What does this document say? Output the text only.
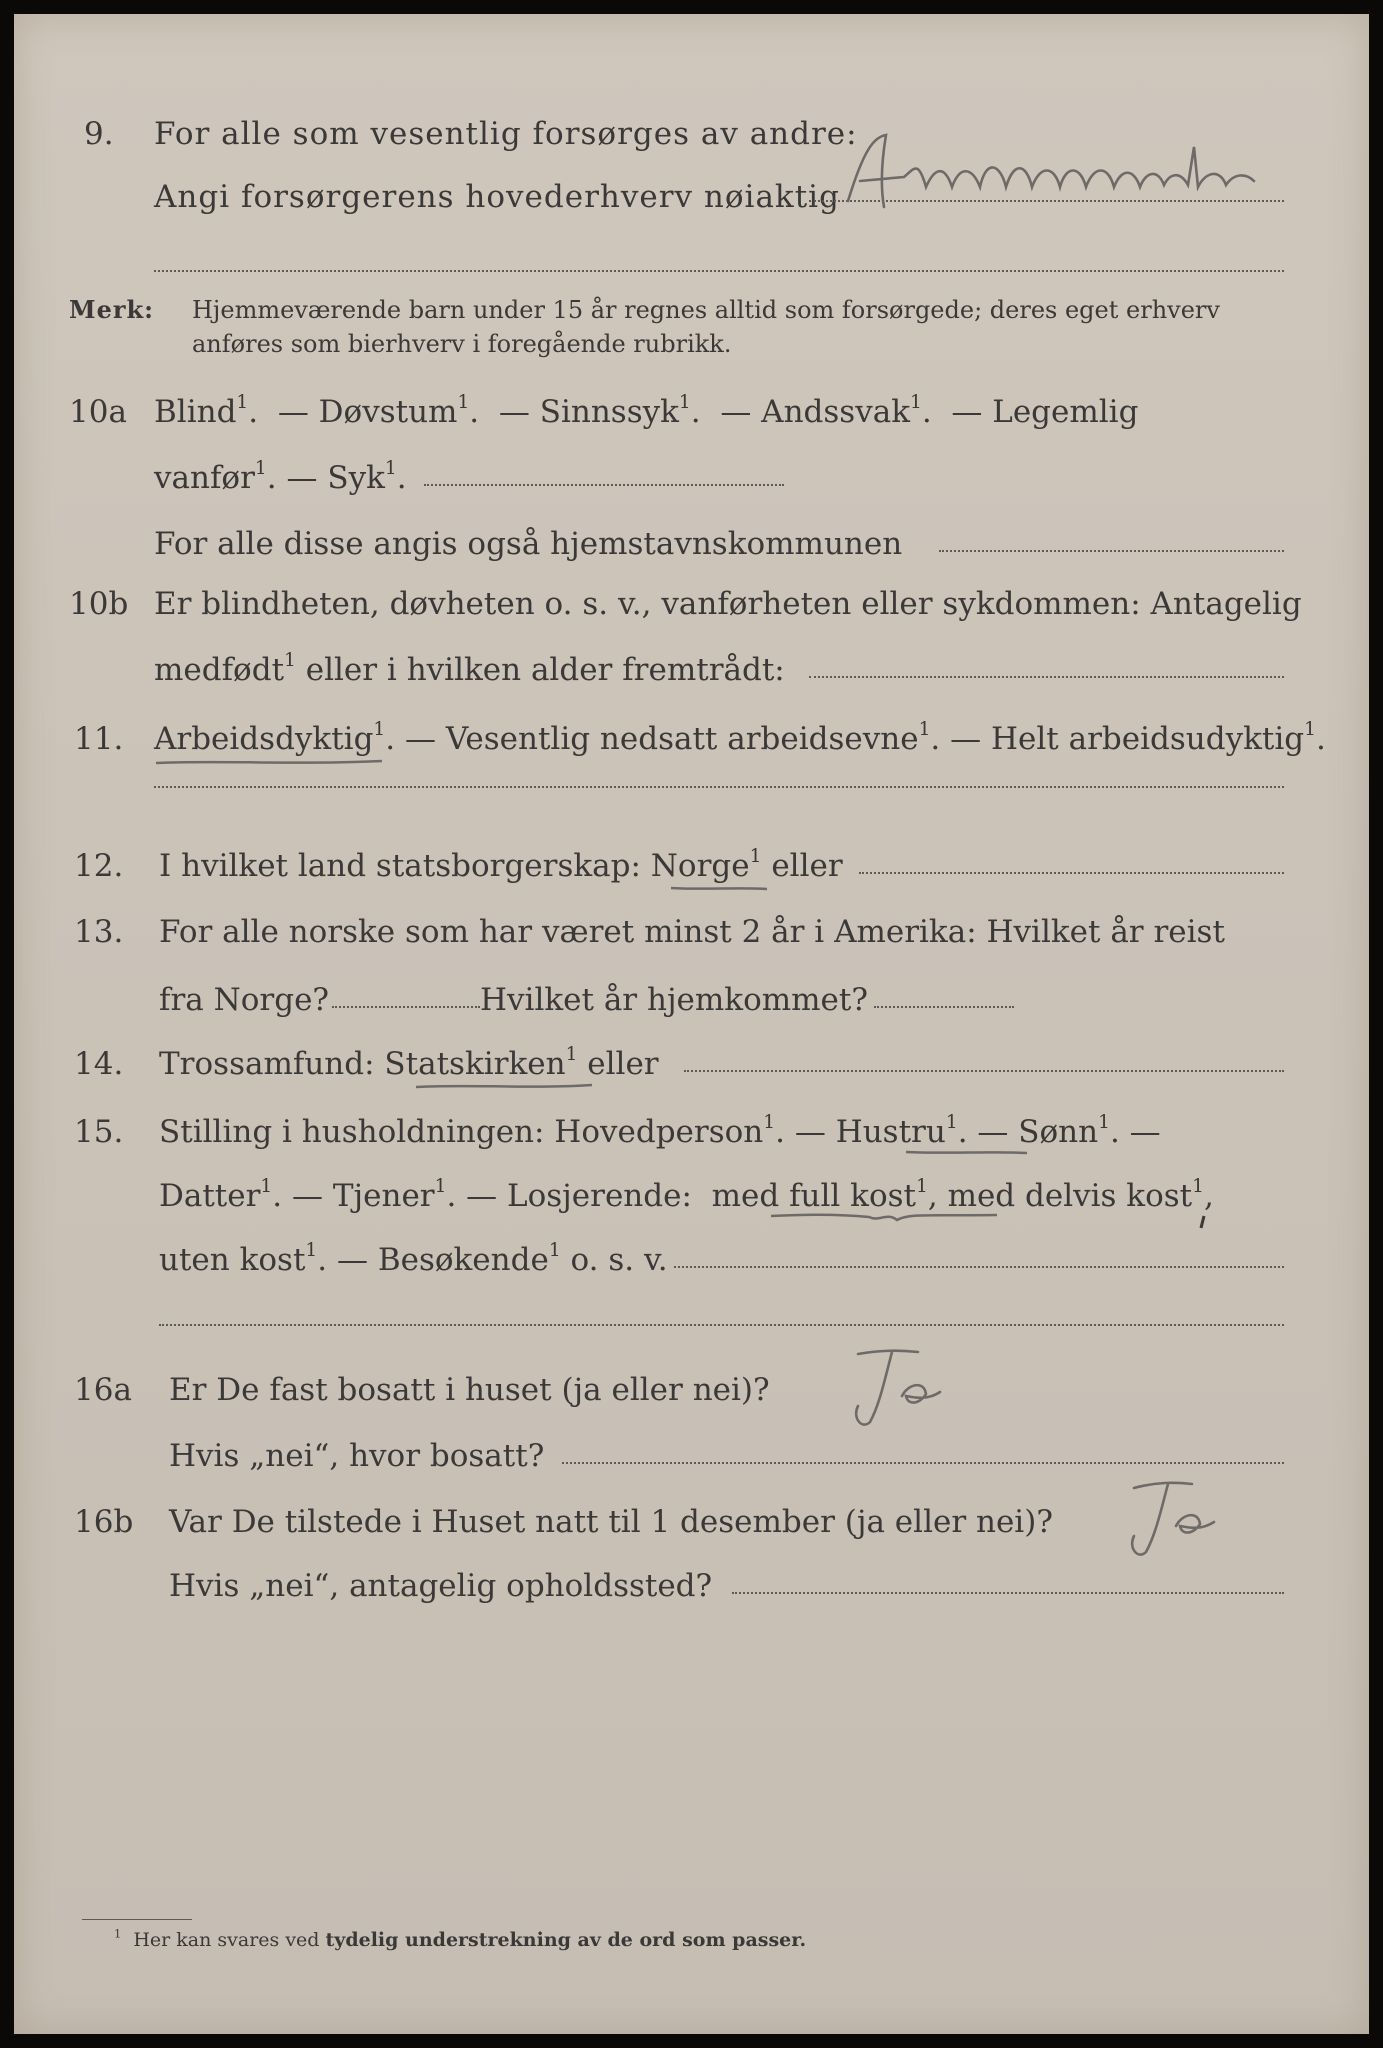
9. For alle som vesentlig forsørges av andre:
Angi forsørgerens hovederhverv nøiaktig
Merk: Hjemmeværende barn under 15 år regnes alltid som forsørgede; deres eget erhverv
anføres som bierhverv i foregående rubrikk.
10a Blind$^1$.  — Døvstum$^1$.  — Sinnssyk$^1$.  — Andssvak$^1$.  — Legemlig
vanfør$^1$. — Syk$^1$.
For alle disse angis også hjemstavnskommunen
10b Er blindheten, døvheten o. s. v., vanførheten eller sykdommen: Antagelig
medfødt$^1$ eller i hvilken alder fremtrådt:
11. Arbeidsdyktig$^1$. — Vesentlig nedsatt arbeidsevne$^1$. — Helt arbeidsudyktig$^1$.
12. I hvilket land statsborgerskap: Norge$^1$ eller
13. For alle norske som har været minst 2 år i Amerika: Hvilket år reist
fra Norge?	Hvilket år hjemkommet?
14. Trossamfund: Statskirken$^1$ eller
15. Stilling i husholdningen: Hovedperson$^1$. — Hustru$^1$. — Sønn$^1$. —
Datter$^1$. — Tjener$^1$. — Losjerende: med full kost$^1$, med delvis kost$^1$,
uten kost$^1$. — Besøkende$^1$ o. s. v.
16a Er De fast bosatt i huset (ja eller nei)?
Hvis „nei“, hvor bosatt?
16b Var De tilstede i Huset natt til 1 desember (ja eller nei)?
Hvis „nei“, antagelig opholdssted?
$^1$ Her kan svares ved tydelig understrekning av de ord som passer.
